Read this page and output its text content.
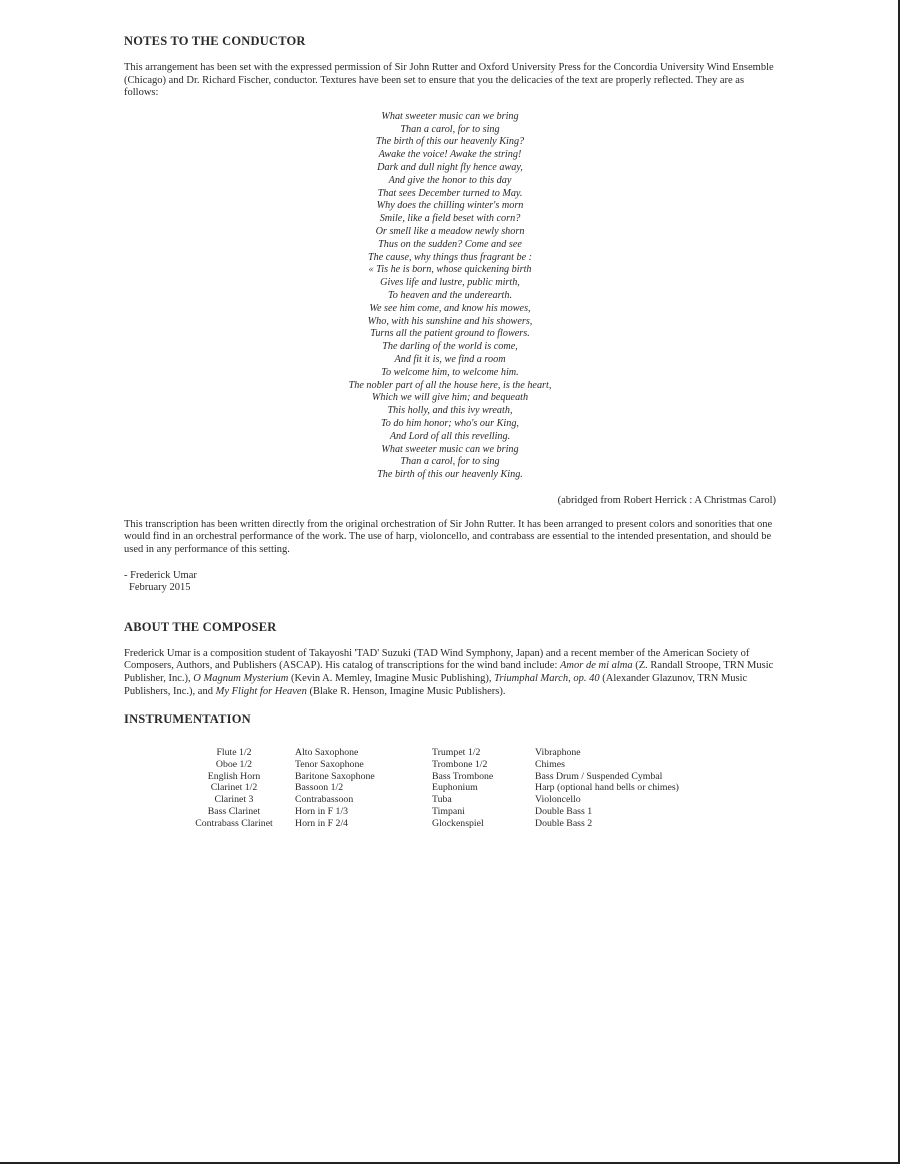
NOTES TO THE CONDUCTOR

This arrangement has been set with the expressed permission of Sir John Rutter and Oxford University Press for the Concordia University Wind Ensemble (Chicago) and Dr. Richard Fischer, conductor. Textures have been set to ensure that you the delicacies of the text are properly reflected. They are as follows:

What sweeter music can we bring
Than a carol, for to sing
The birth of this our heavenly King?
Awake the voice! Awake the string!
Dark and dull night fly hence away,
And give the honor to this day
That sees December turned to May.
Why does the chilling winter's morn
Smile, like a field beset with corn?
Or smell like a meadow newly shorn
Thus on the sudden? Come and see
The cause, why things thus fragrant be :
« Tis he is born, whose quickening birth
Gives life and lustre, public mirth,
To heaven and the underearth.
We see him come, and know his mowes,
Who, with his sunshine and his showers,
Turns all the patient ground to flowers.
The darling of the world is come,
And fit it is, we find a room
To welcome him, to welcome him.
The nobler part of all the house here, is the heart,
Which we will give him; and bequeath
This holly, and this ivy wreath,
To do him honor; who's our King,
And Lord of all this revelling.
What sweeter music can we bring
Than a carol, for to sing
The birth of this our heavenly King.
(abridged from Robert Herrick : A Christmas Carol)

This transcription has been written directly from the original orchestration of Sir John Rutter. It has been arranged to present colors and sonorities that one would find in an orchestral performance of the work. The use of harp, violoncello, and contrabass are essential to the intended presentation, and should be used in any performance of this setting.

- Frederick Umar
February 2015
ABOUT THE COMPOSER

Frederick Umar is a composition student of Takayoshi 'TAD' Suzuki (TAD Wind Symphony, Japan) and a recent member of the American Society of Composers, Authors, and Publishers (ASCAP). His catalog of transcriptions for the wind band include: Amor de mi alma (Z. Randall Stroope, TRN Music Publisher, Inc.), O Magnum Mysterium (Kevin A. Memley, Imagine Music Publishing), Triumphal March, op. 40 (Alexander Glazunov, TRN Music Publishers, Inc.), and My Flight for Heaven (Blake R. Henson, Imagine Music Publishers).

INSTRUMENTATION
Flute 1/2
Oboe 1/2
English Horn
Clarinet 1/2
Clarinet 3
Bass Clarinet
Contrabass Clarinet
Alto Saxophone
Tenor Saxophone
Baritone Saxophone
Bassoon 1/2
Contrabassoon
Horn in F 1/3
Horn in F 2/4
Trumpet 1/2
Trombone 1/2
Bass Trombone
Euphonium
Tuba
Timpani
Glockenspiel
Vibraphone
Chimes
Bass Drum / Suspended Cymbal
Harp (optional hand bells or chimes)
Violoncello
Double Bass 1
Double Bass 2
